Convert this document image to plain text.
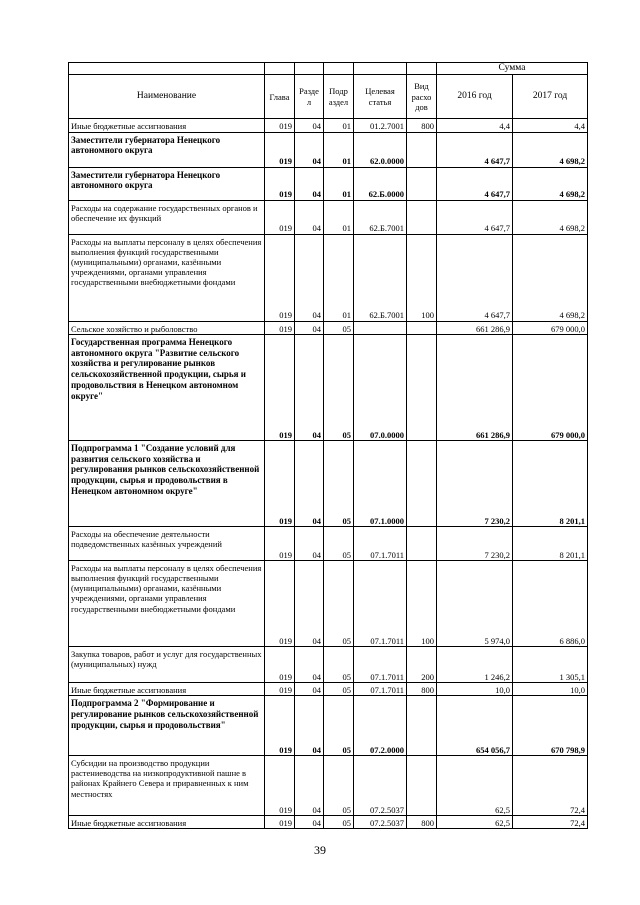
						Сумма	
Наименование	Глава	Разде л	Подр аздел	Целевая статья	Вид расхо дов	2016 год	2017 год
Иные бюджетные ассигнования	019	04	01	01.2.7001	800	4,4	4,4
Заместители губернатора Ненецкого автономного округа	019	04	01	62.0.0000		4 647,7	4 698,2
Заместители губернатора Ненецкого автономного округа	019	04	01	62.Б.0000		4 647,7	4 698,2
Расходы на содержание государственных органов и обеспечение их функций	019	04	01	62.Б.7001		4 647,7	4 698,2
Расходы на выплаты персоналу в целях обеспечения выполнения функций государственными (муниципальными) органами, казёнными учреждениями, органами управления государственными внебюджетными фондами	019	04	01	62.Б.7001	100	4 647,7	4 698,2
Сельское хозяйство и рыболовство	019	04	05			661 286,9	679 000,0
Государственная программа Ненецкого автономного округа "Развитие сельского хозяйства и регулирование рынков сельскохозяйственной продукции, сырья и продовольствия в Ненецком автономном округе"	019	04	05	07.0.0000		661 286,9	679 000,0
Подпрограмма 1 "Создание условий для развития сельского хозяйства и регулирования рынков сельскохозяйственной продукции, сырья и продовольствия в Ненецком автономном округе"	019	04	05	07.1.0000		7 230,2	8 201,1
Расходы на обеспечение деятельности подведомственных казённых учреждений	019	04	05	07.1.7011		7 230,2	8 201,1
Расходы на выплаты персоналу в целях обеспечения выполнения функций государственными (муниципальными) органами, казёнными учреждениями, органами управления государственными внебюджетными фондами	019	04	05	07.1.7011	100	5 974,0	6 886,0
Закупка товаров, работ и услуг для государственных (муниципальных) нужд	019	04	05	07.1.7011	200	1 246,2	1 305,1
Иные бюджетные ассигнования	019	04	05	07.1.7011	800	10,0	10,0
Подпрограмма 2 "Формирование и регулирование рынков сельскохозяйственной продукции, сырья и продовольствия"	019	04	05	07.2.0000		654 056,7	670 798,9
Субсидии на производство продукции растениеводства на низкопродуктивной пашне в районах Крайнего Севера и приравненных к ним местностях	019	04	05	07.2.5037		62,5	72,4
Иные бюджетные ассигнования	019	04	05	07.2.5037	800	62,5	72,4
39
